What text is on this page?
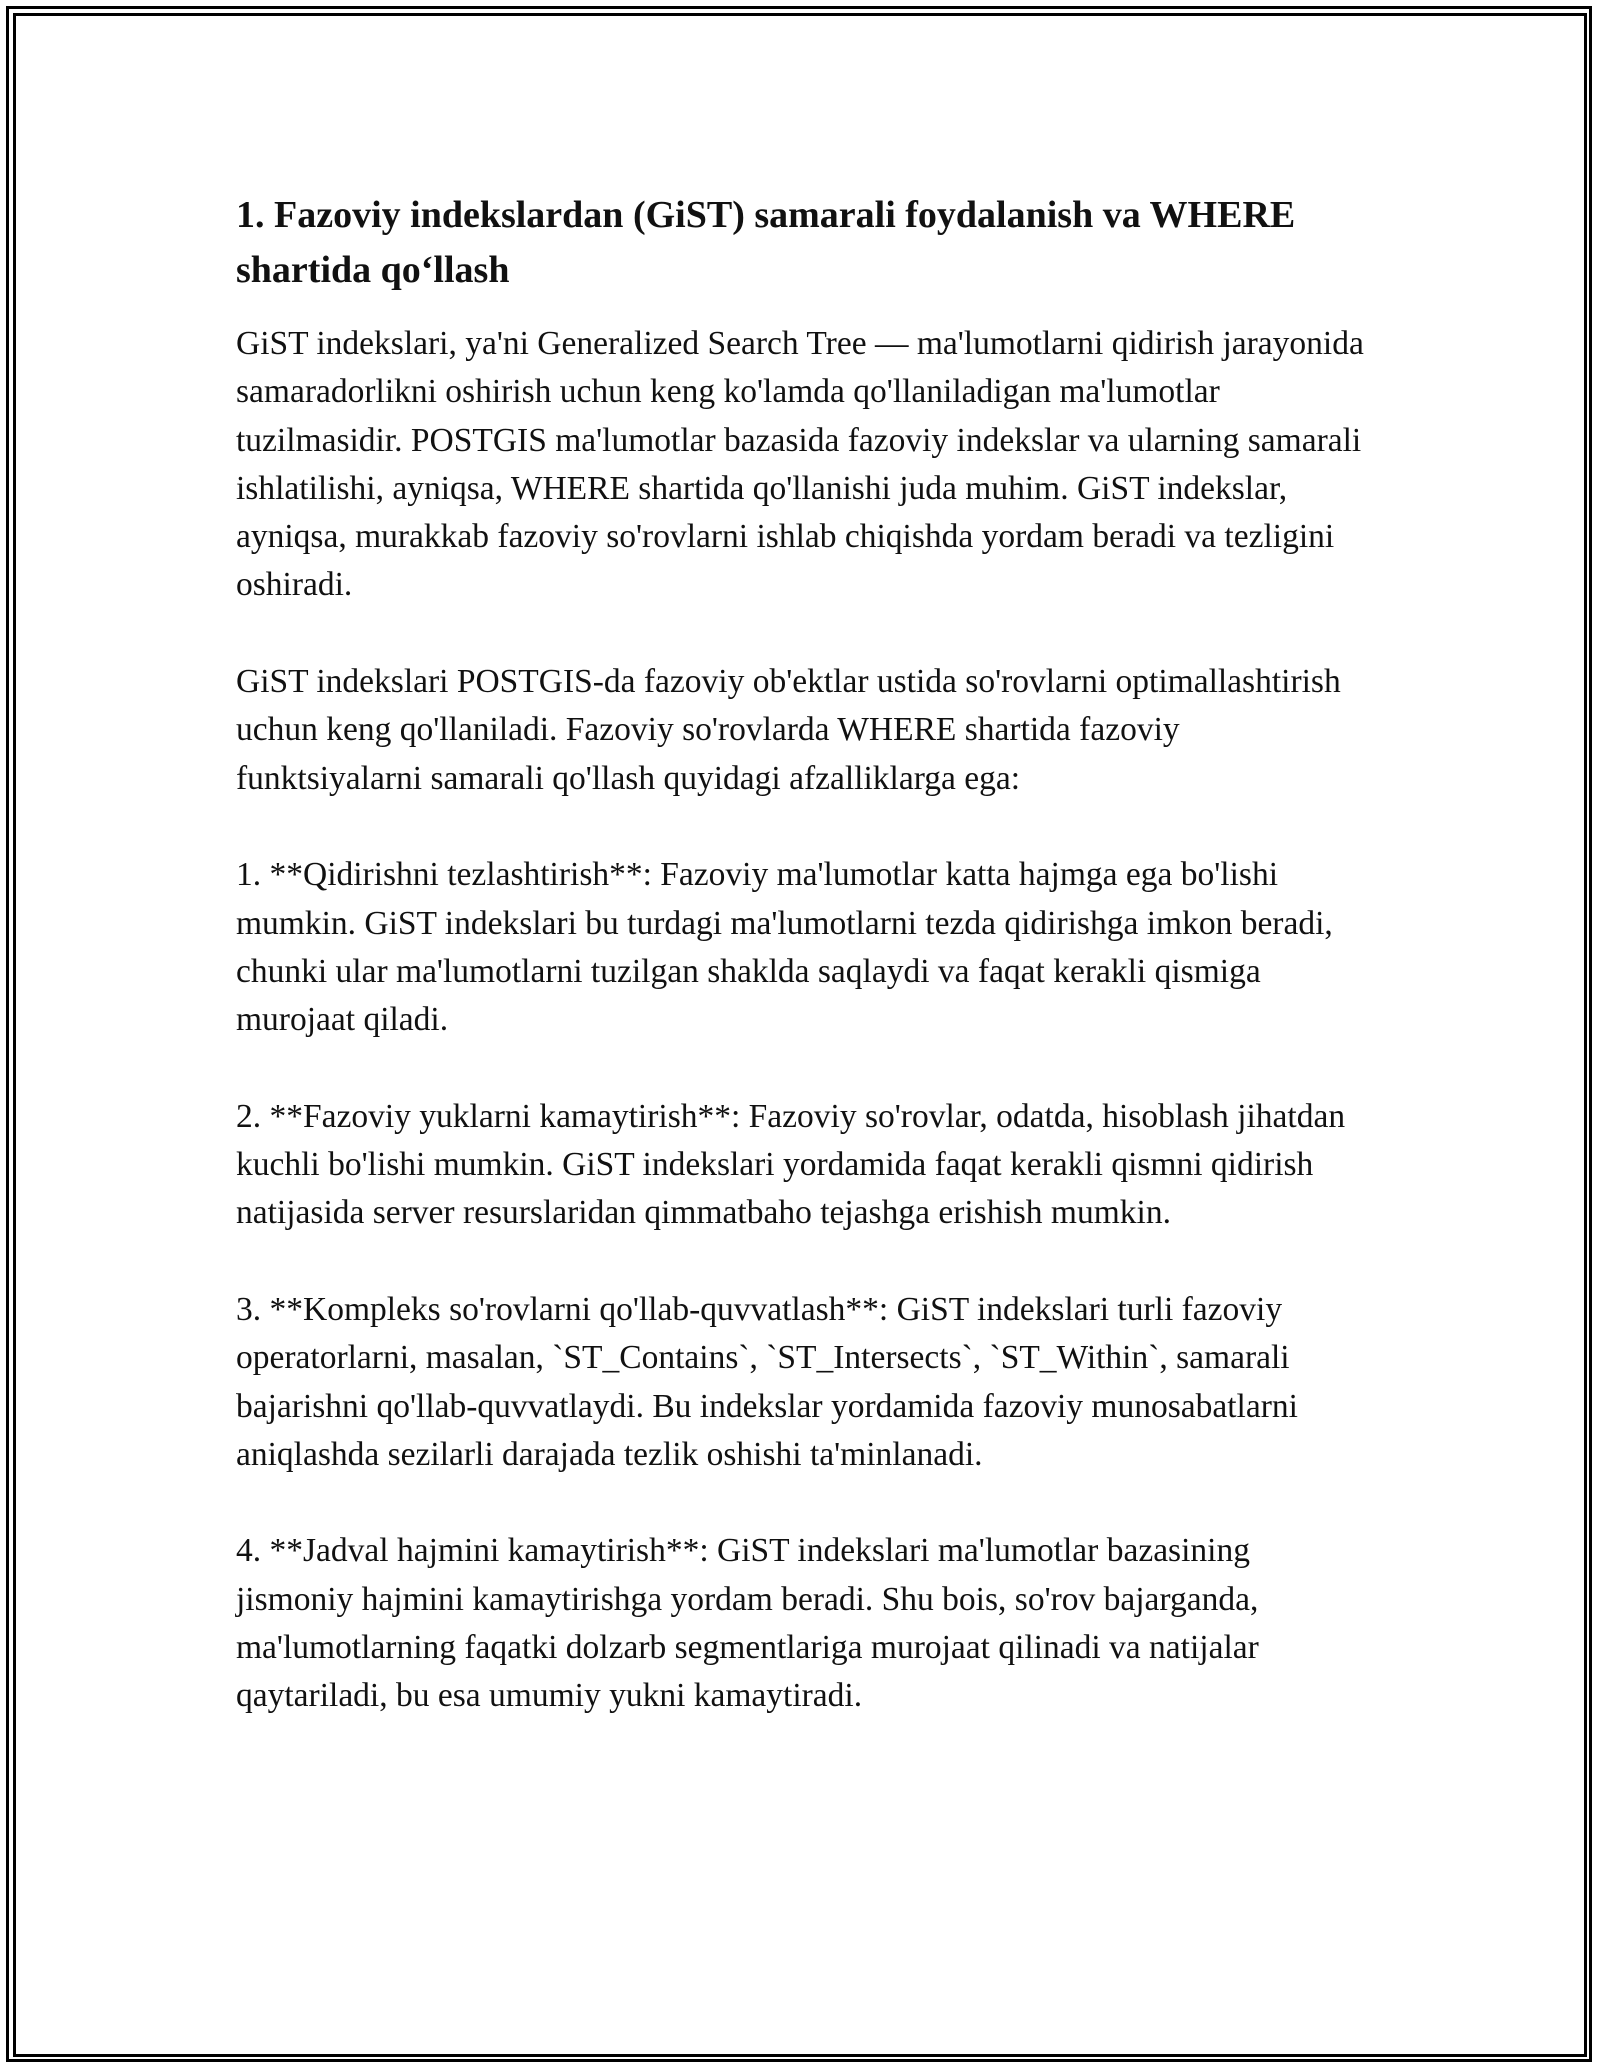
1. Fazoviy indekslardan (GiST) samarali foydalanish va WHERE shartida qo‘llash

GiST indekslari, ya'ni Generalized Search Tree — ma'lumotlarni qidirish jarayonida samaradorlikni oshirish uchun keng ko'lamda qo'llaniladigan ma'lumotlar tuzilmasidir. POSTGIS ma'lumotlar bazasida fazoviy indekslar va ularning samarali ishlatilishi, ayniqsa, WHERE shartida qo'llanishi juda muhim. GiST indekslar, ayniqsa, murakkab fazoviy so'rovlarni ishlab chiqishda yordam beradi va tezligini oshiradi.

GiST indekslari POSTGIS-da fazoviy ob'ektlar ustida so'rovlarni optimallashtirish uchun keng qo'llaniladi. Fazoviy so'rovlarda WHERE shartida fazoviy funktsiyalarni samarali qo'llash quyidagi afzalliklarga ega:

1. **Qidirishni tezlashtirish**: Fazoviy ma'lumotlar katta hajmga ega bo'lishi mumkin. GiST indekslari bu turdagi ma'lumotlarni tezda qidirishga imkon beradi, chunki ular ma'lumotlarni tuzilgan shaklda saqlaydi va faqat kerakli qismiga murojaat qiladi.

2. **Fazoviy yuklarni kamaytirish**: Fazoviy so'rovlar, odatda, hisoblash jihatdan kuchli bo'lishi mumkin. GiST indekslari yordamida faqat kerakli qismni qidirish natijasida server resurslaridan qimmatbaho tejashga erishish mumkin.

3. **Kompleks so'rovlarni qo'llab-quvvatlash**: GiST indekslari turli fazoviy operatorlarni, masalan, `ST_Contains`, `ST_Intersects`, `ST_Within`, samarali bajarishni qo'llab-quvvatlaydi. Bu indekslar yordamida fazoviy munosabatlarni aniqlashda sezilarli darajada tezlik oshishi ta'minlanadi.

4. **Jadval hajmini kamaytirish**: GiST indekslari ma'lumotlar bazasining jismoniy hajmini kamaytirishga yordam beradi. Shu bois, so'rov bajarganda, ma'lumotlarning faqatki dolzarb segmentlariga murojaat qilinadi va natijalar qaytariladi, bu esa umumiy yukni kamaytiradi.
